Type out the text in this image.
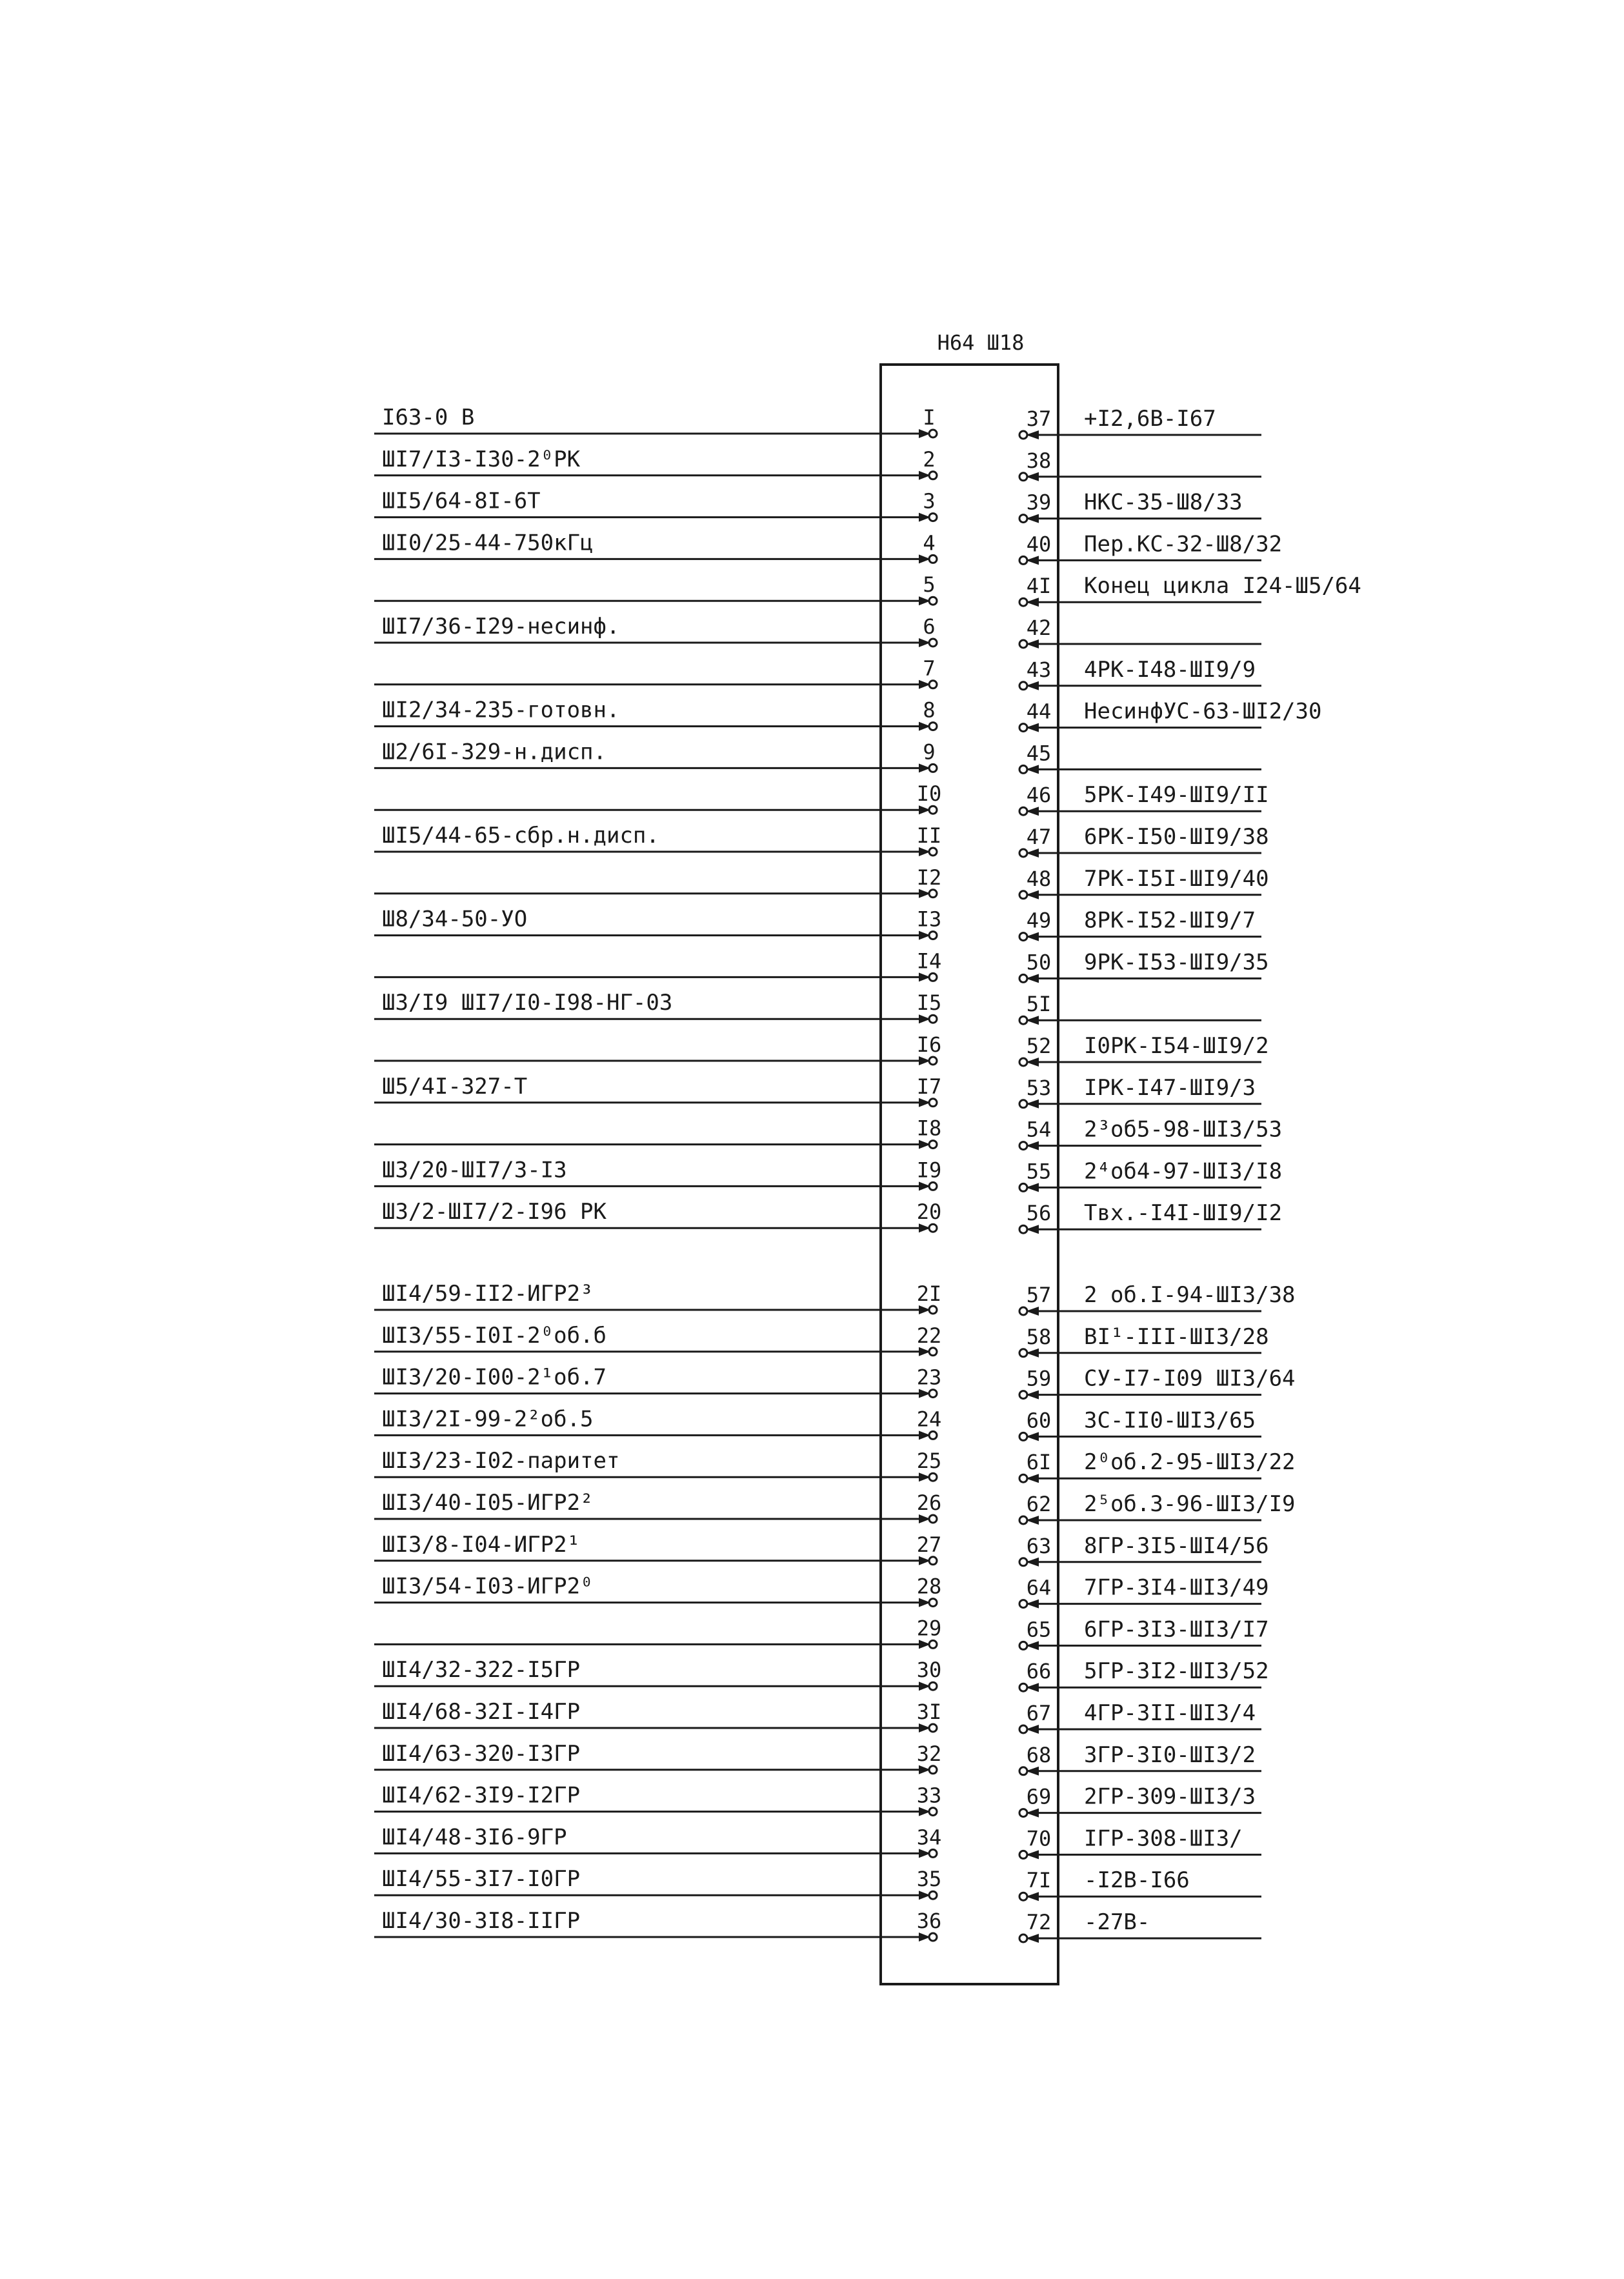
Н64 Ш18
I
I63-0 В
2
ШI7/I3-I30-2⁰РК
3
ШI5/64-8I-6Т
4
ШI0/25-44-750кГц
5
6
ШI7/36-I29-несинф.
7
8
ШI2/34-235-готовн.
9
Ш2/6I-329-н.дисп.
I0
II
ШI5/44-65-сбр.н.дисп.
I2
I3
Ш8/34-50-УО
I4
I5
Ш3/I9 ШI7/I0-I98-НГ-03
I6
I7
Ш5/4I-327-Т
I8
I9
Ш3/20-ШI7/3-I3
20
Ш3/2-ШI7/2-I96 РК
2I
ШI4/59-II2-ИГР2³
22
ШI3/55-I0I-2⁰об.б
23
ШI3/20-I00-2¹об.7
24
ШI3/2I-99-2²об.5
25
ШI3/23-I02-паритет
26
ШI3/40-I05-ИГР2²
27
ШI3/8-I04-ИГР2¹
28
ШI3/54-I03-ИГР2⁰
29
30
ШI4/32-322-I5ГР
3I
ШI4/68-32I-I4ГР
32
ШI4/63-320-I3ГР
33
ШI4/62-3I9-I2ГР
34
ШI4/48-3I6-9ГР
35
ШI4/55-3I7-I0ГР
36
ШI4/30-3I8-IIГР
37 +I2,6В-I67
38
39 НКС-35-Ш8/33
40 Пер.КС-32-Ш8/32
4I Конец цикла I24-Ш5/64
42
43 4РК-I48-ШI9/9
44 НесинфУС-63-ШI2/30
45
46 5РК-I49-ШI9/II
47 6РК-I50-ШI9/38
48 7РК-I5I-ШI9/40
49 8РК-I52-ШI9/7
50 9РК-I53-ШI9/35
5I
52 I0РК-I54-ШI9/2
53 IРК-I47-ШI9/3
54 2³об5-98-ШI3/53
55 2⁴об4-97-ШI3/I8
56 Твх.-I4I-ШI9/I2
57 2 об.I-94-ШI3/38
58 ВI¹-III-ШI3/28
59 СУ-I7-I09 ШI3/64
60 3С-II0-ШI3/65
6I 2⁰об.2-95-ШI3/22
62 2⁵об.3-96-ШI3/I9
63 8ГР-3I5-ШI4/56
64 7ГР-3I4-ШI3/49
65 6ГР-3I3-ШI3/I7
66 5ГР-3I2-ШI3/52
67 4ГР-3II-ШI3/4
68 3ГР-3I0-ШI3/2
69 2ГР-309-ШI3/3
70 IГР-308-ШI3/
7I -I2В-I66
72 -27В-
